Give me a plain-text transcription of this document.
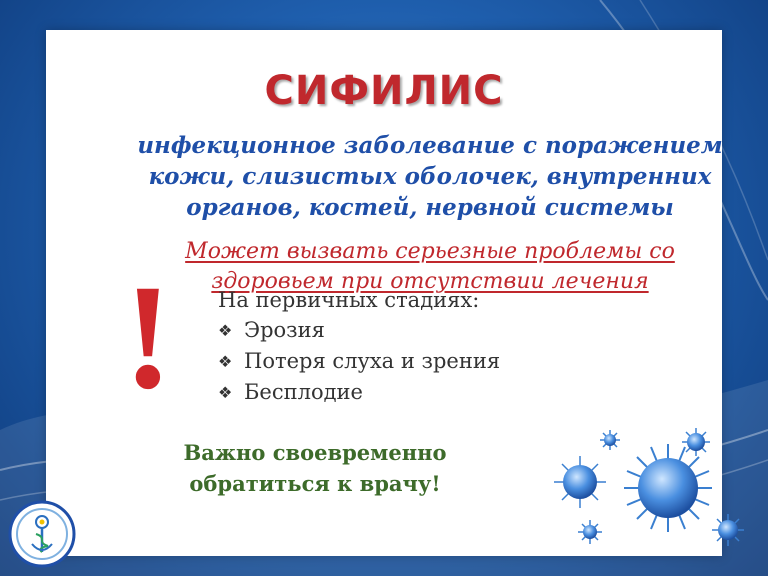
СИФИЛИС

инфекционное заболевание с поражением
кожи, слизистых оболочек, внутренних
органов, костей, нервной системы

Может вызвать серьезные проблемы со
здоровьем при отсутствии лечения

Важно своевременно
обратиться к врачу!
! На первичных стадиях:

❖ Эрозия
❖ Потеря слуха и зрения
❖ Бесплодие
